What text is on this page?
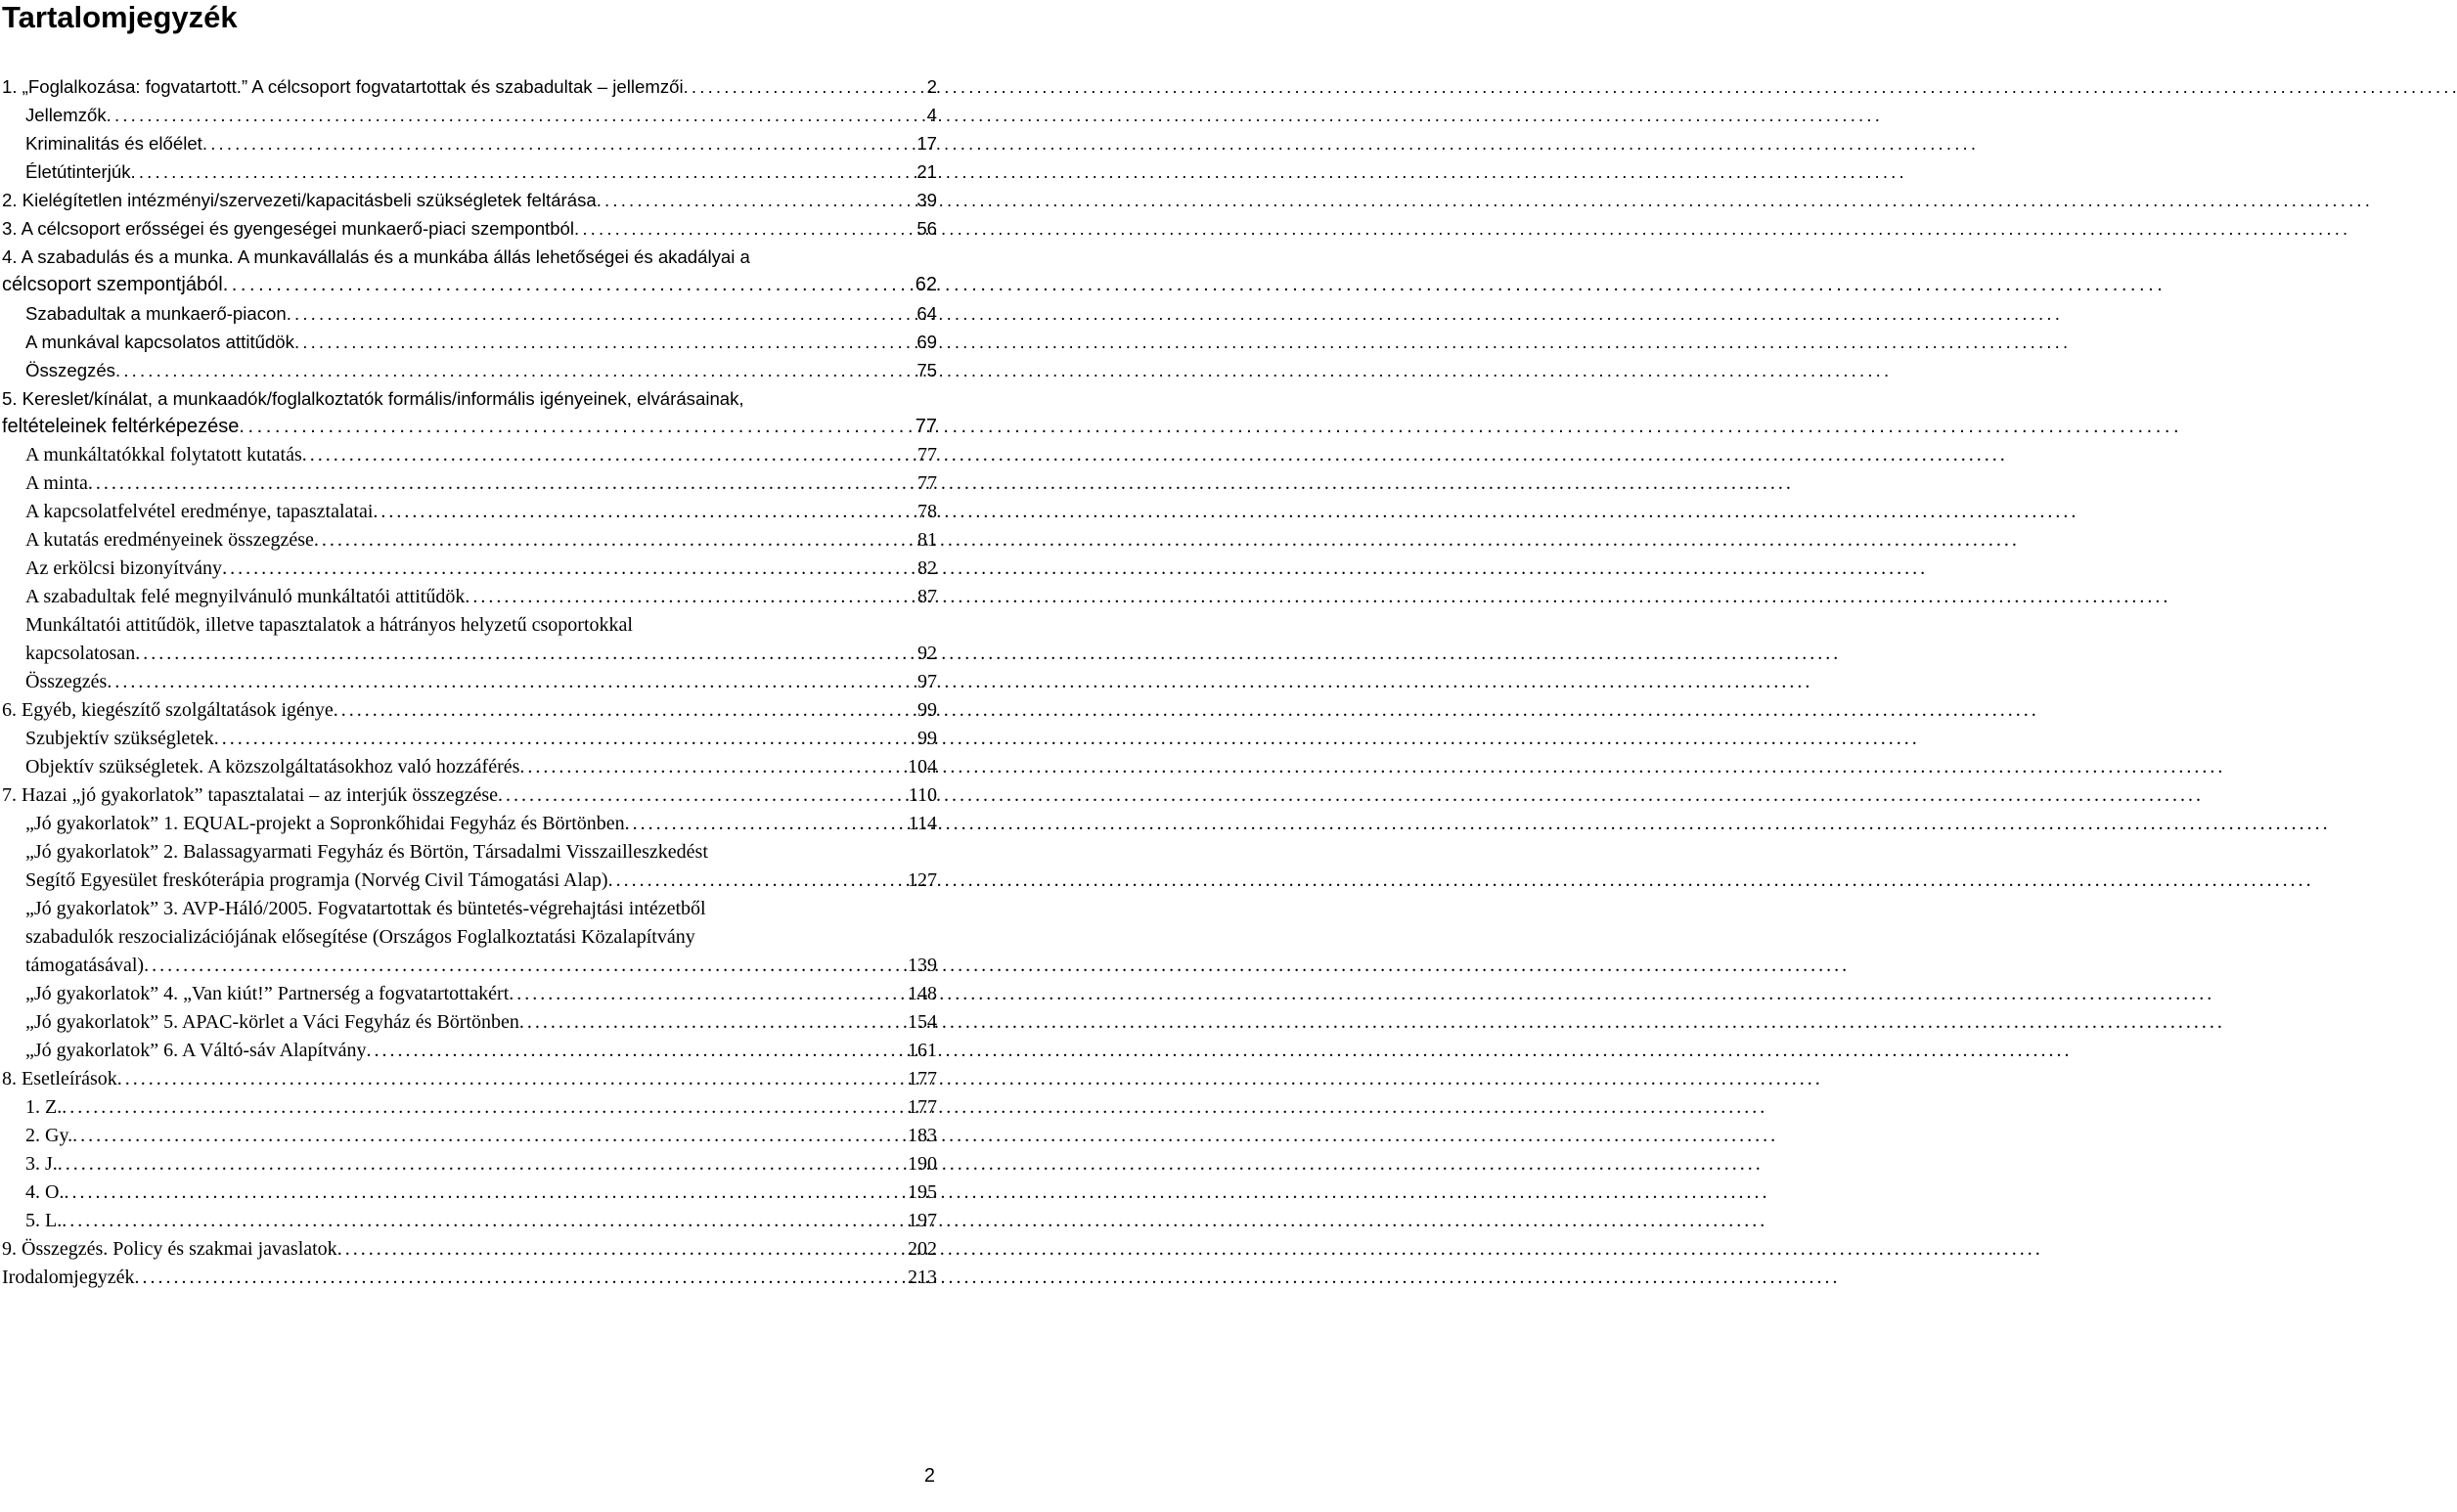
Tartalomjegyzék
1. „Foglalkozása: fogvatartott.” A célcsoport fogvatartottak és szabadultak – jellemzői . . .	2
Jellemzők . . .	4
Kriminalitás és előélet . . .	17
Életútinterjúk . . .	21
2. Kielégítetlen intézményi/szervezeti/kapacitásbeli szükségletek feltárása . . .	39
3. A célcsoport erősségei és gyengeségei munkaerő-piaci szempontból . . .	56
4. A szabadulás és a munka. A munkavállalás és a munkába állás lehetőségei és akadályai a
célcsoport szempontjából . . .	62
Szabadultak a munkaerő-piacon . . .	64
A munkával kapcsolatos attitűdök . . .	69
Összegzés . . .	75
5. Kereslet/kínálat, a munkaadók/foglalkoztatók formális/informális igényeinek, elvárásainak,
feltételeinek feltérképezése . . .	77
A munkáltatókkal folytatott kutatás . . .	77
A minta . . .	77
A kapcsolatfelvétel eredménye, tapasztalatai . . .	78
A kutatás eredményeinek összegzése . . .	81
Az erkölcsi bizonyítvány . . .	82
A szabadultak felé megnyilvánuló munkáltatói attitűdök . . .	87
Munkáltatói attitűdök, illetve tapasztalatok a hátrányos helyzetű csoportokkal
kapcsolatosan . . .	92
Összegzés . . .	97
6. Egyéb, kiegészítő szolgáltatások igénye . . .	99
Szubjektív szükségletek . . .	99
Objektív szükségletek. A közszolgáltatásokhoz való hozzáférés . . .	104
7. Hazai „jó gyakorlatok” tapasztalatai – az interjúk összegzése . . .	110
„Jó gyakorlatok” 1. EQUAL-projekt a Sopronkőhidai Fegyház és Börtönben . . .	114
„Jó gyakorlatok” 2. Balassagyarmati Fegyház és Börtön, Társadalmi Visszailleszkedést
Segítő Egyesület freskóterápia programja (Norvég Civil Támogatási Alap) . . .	127
„Jó gyakorlatok” 3. AVP-Háló/2005. Fogvatartottak és büntetés-végrehajtási intézetből
szabadulók reszocializációjának elősegítése (Országos Foglalkoztatási Közalapítvány
támogatásával) . . .	139
„Jó gyakorlatok” 4. „Van kiút!” Partnerség a fogvatartottakért . . .	148
„Jó gyakorlatok” 5. APAC-körlet a Váci Fegyház és Börtönben . . .	154
„Jó gyakorlatok” 6. A Váltó-sáv Alapítvány . . .	161
8. Esetleírások . . .	177
1. Z. . . .	177
2. Gy. . . .	183
3. J. . . .	190
4. O. . . .	195
5. L. . . .	197
9. Összegzés. Policy és szakmai javaslatok . . .	202
Irodalomjegyzék . . .	213
2
